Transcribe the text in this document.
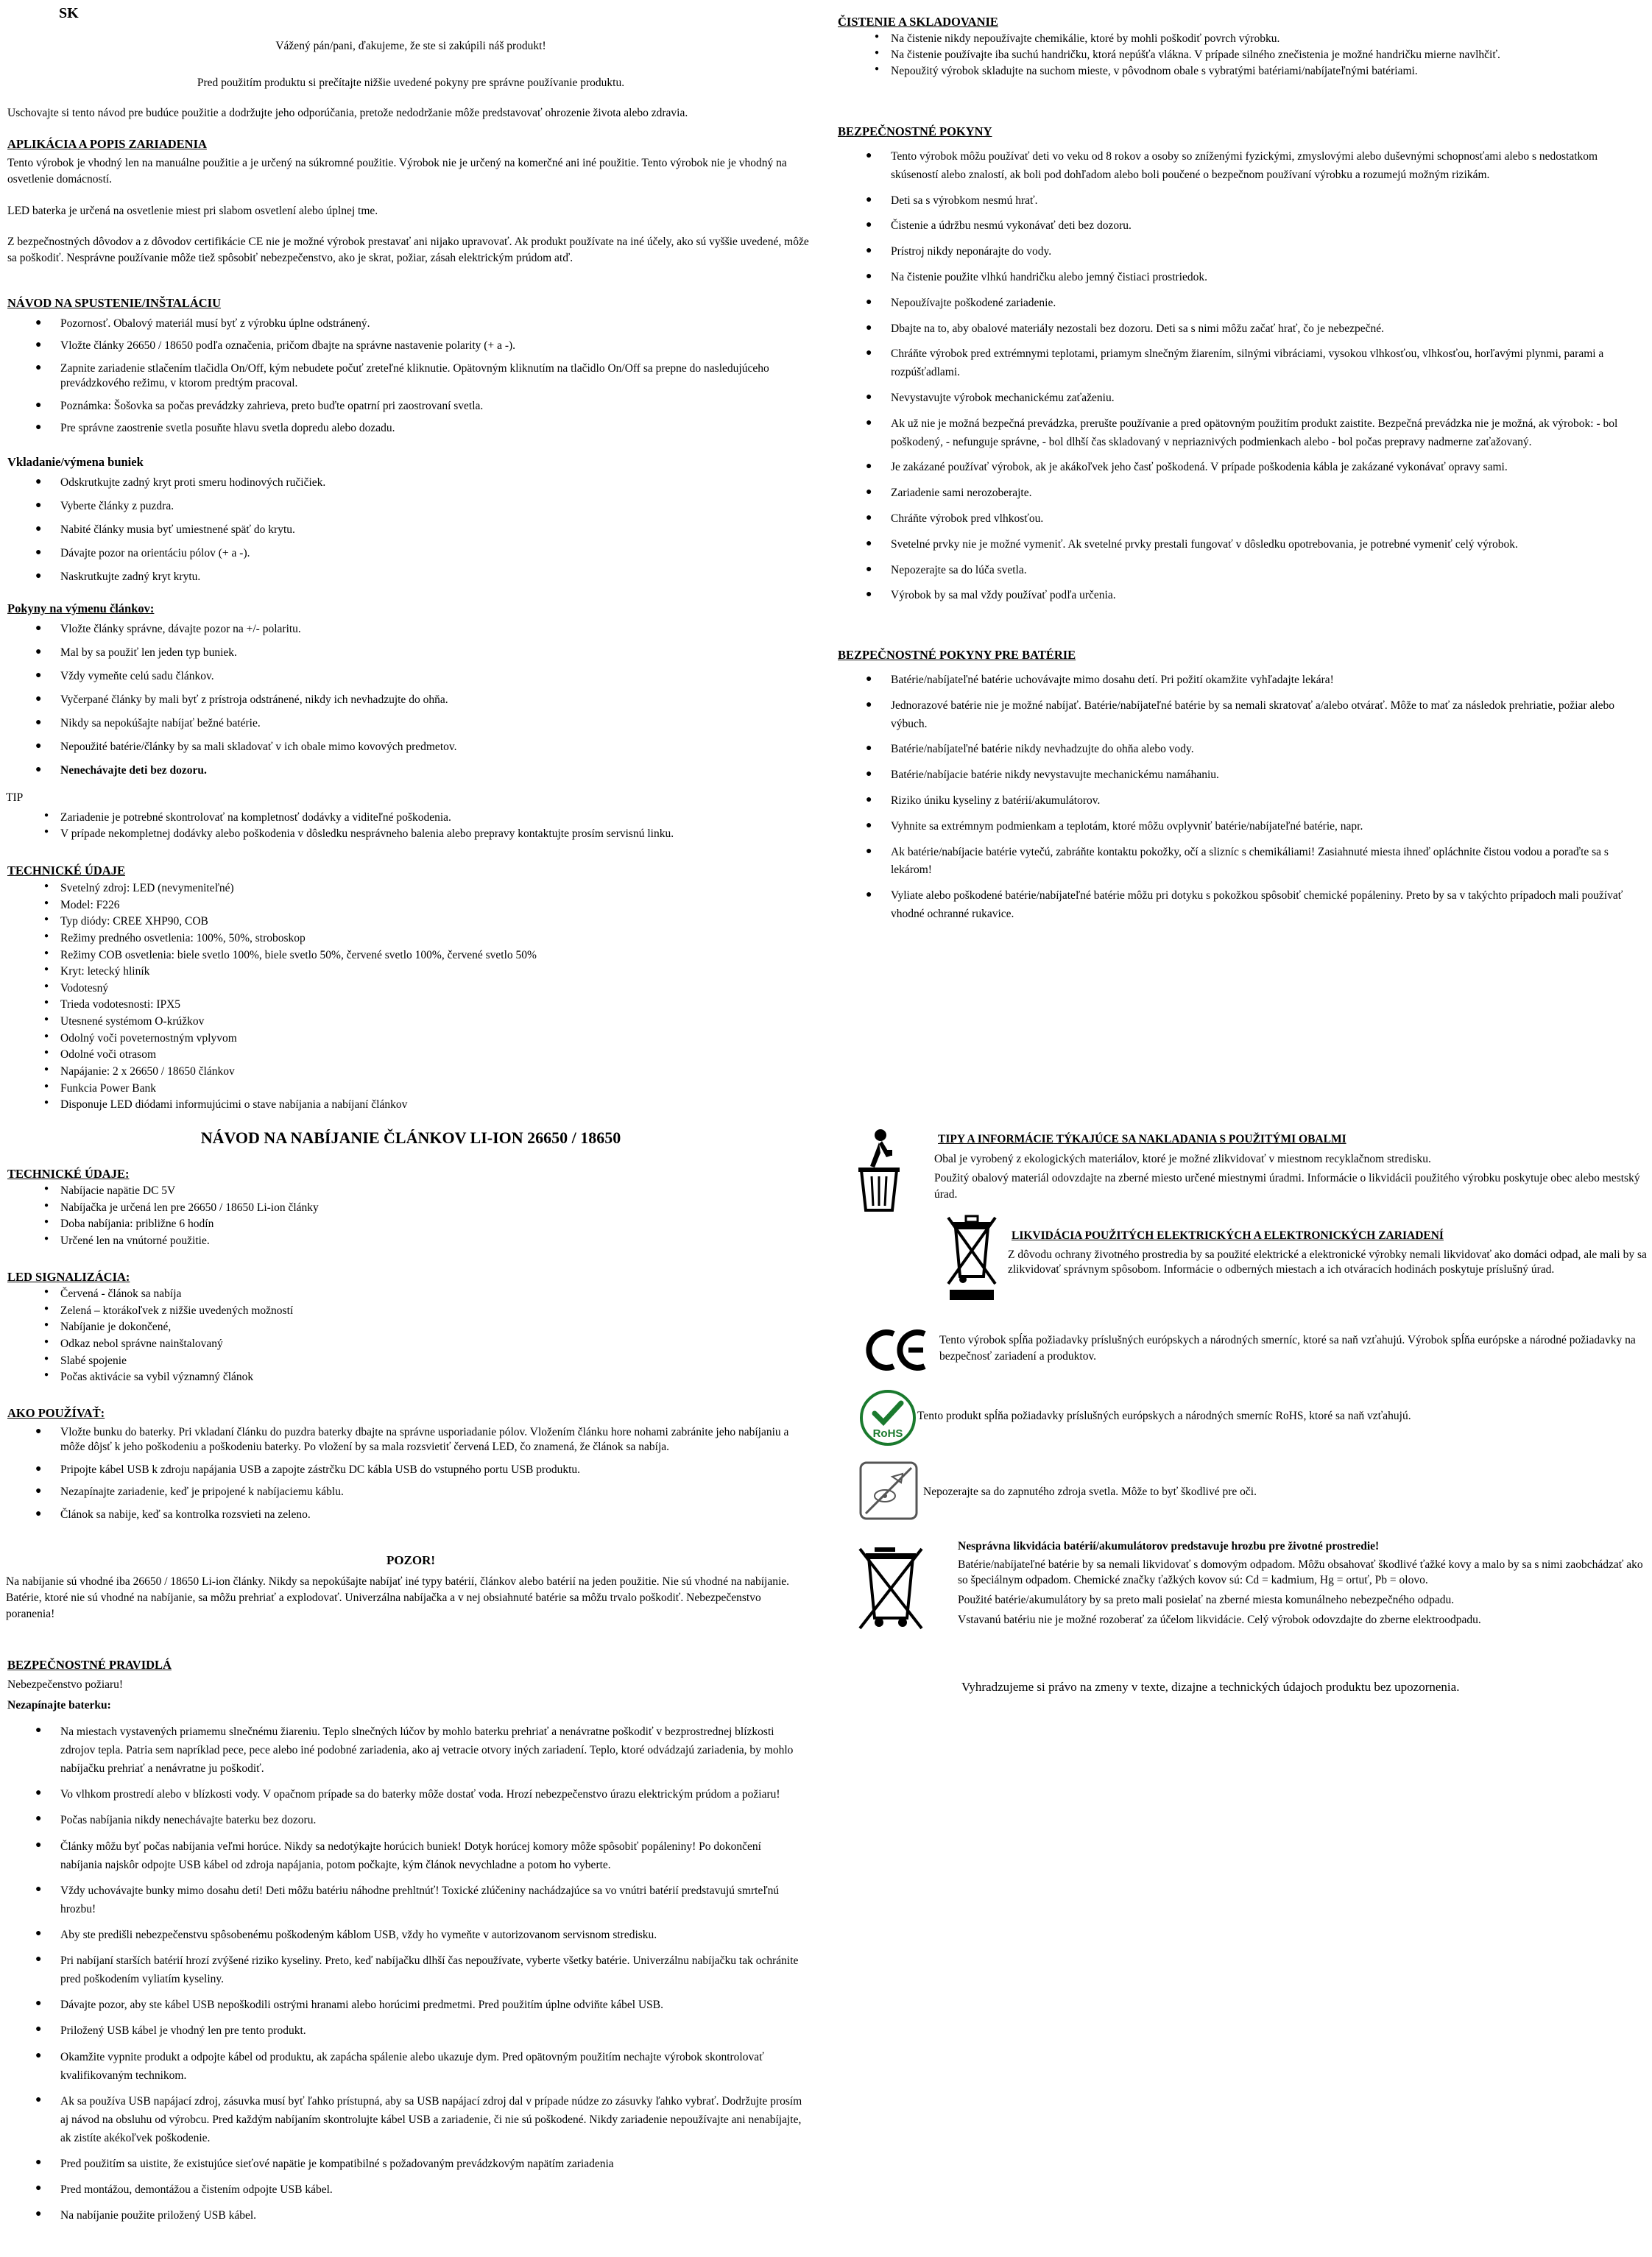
SK

Vážený pán/pani, ďakujeme, že ste si zakúpili náš produkt!

Pred použitím produktu si prečítajte nižšie uvedené pokyny pre správne používanie produktu.

Uschovajte si tento návod pre budúce použitie a dodržujte jeho odporúčania, pretože nedodržanie môže predstavovať ohrozenie života alebo zdravia.

APLIKÁCIA A POPIS ZARIADENIA

Tento výrobok je vhodný len na manuálne použitie a je určený na súkromné použitie. Výrobok nie je určený na komerčné ani iné použitie. Tento výrobok nie je vhodný na osvetlenie domácností.

LED baterka je určená na osvetlenie miest pri slabom osvetlení alebo úplnej tme.

Z bezpečnostných dôvodov a z dôvodov certifikácie CE nie je možné výrobok prestavať ani nijako upravovať. Ak produkt používate na iné účely, ako sú vyššie uvedené, môže sa poškodiť. Nesprávne používanie môže tiež spôsobiť nebezpečenstvo, ako je skrat, požiar, zásah elektrickým prúdom atď.

NÁVOD NA SPUSTENIE/INŠTALÁCIU
● Pozornosť. Obalový materiál musí byť z výrobku úplne odstránený.
● Vložte články 26650 / 18650 podľa označenia, pričom dbajte na správne nastavenie polarity (+ a -).
● Zapnite zariadenie stlačením tlačidla On/Off, kým nebudete počuť zreteľné kliknutie. Opätovným kliknutím na tlačidlo On/Off sa prepne do nasledujúceho prevádzkového režimu, v ktorom predtým pracoval.
● Poznámka: Šošovka sa počas prevádzky zahrieva, preto buďte opatrní pri zaostrovaní svetla.
● Pre správne zaostrenie svetla posuňte hlavu svetla dopredu alebo dozadu.
Vkladanie/výmena buniek
● Odskrutkujte zadný kryt proti smeru hodinových ručičiek.
● Vyberte články z puzdra.
● Nabité články musia byť umiestnené späť do krytu.
● Dávajte pozor na orientáciu pólov (+ a -).
● Naskrutkujte zadný kryt krytu.
Pokyny na výmenu článkov:
● Vložte články správne, dávajte pozor na +/- polaritu.
● Mal by sa použiť len jeden typ buniek.
● Vždy vymeňte celú sadu článkov.
● Vyčerpané články by mali byť z prístroja odstránené, nikdy ich nevhadzujte do ohňa.
● Nikdy sa nepokúšajte nabíjať bežné batérie.
● Nepoužité batérie/články by sa mali skladovať v ich obale mimo kovových predmetov.
● Nenechávajte deti bez dozoru.

TIP

● Zariadenie je potrebné skontrolovať na kompletnosť dodávky a viditeľné poškodenia.
● V prípade nekompletnej dodávky alebo poškodenia v dôsledku nesprávneho balenia alebo prepravy kontaktujte prosím servisnú linku.
TECHNICKÉ ÚDAJE
● Svetelný zdroj: LED (nevymeniteľné)
● Model: F226
● Typ diódy: CREE XHP90, COB
● Režimy predného osvetlenia: 100%, 50%, stroboskop
● Režimy COB osvetlenia: biele svetlo 100%, biele svetlo 50%, červené svetlo 100%, červené svetlo 50%
● Kryt: letecký hliník
● Vodotesný
● Trieda vodotesnosti: IPX5
● Utesnené systémom O-krúžkov
● Odolný voči poveternostným vplyvom
● Odolné voči otrasom
● Napájanie: 2 x 26650 / 18650 článkov
● Funkcia Power Bank
● Disponuje LED diódami informujúcimi o stave nabíjania a nabíjaní článkov

NÁVOD NA NABÍJANIE ČLÁNKOV LI-ION 26650 / 18650

TECHNICKÉ ÚDAJE:
● Nabíjacie napätie DC 5V
● Nabíjačka je určená len pre 26650 / 18650 Li-ion články
● Doba nabíjania: približne 6 hodín
● Určené len na vnútorné použitie.
LED SIGNALIZÁCIA:
● Červená - článok sa nabíja
● Zelená – ktorákoľvek z nižšie uvedených možností
● Nabíjanie je dokončené,
● Odkaz nebol správne nainštalovaný
● Slabé spojenie
● Počas aktivácie sa vybil významný článok
AKO POUŽÍVAŤ:
● Vložte bunku do baterky. Pri vkladaní článku do puzdra baterky dbajte na správne usporiadanie pólov. Vložením článku hore nohami zabránite jeho nabíjaniu a môže dôjsť k jeho poškodeniu a poškodeniu baterky. Po vložení by sa mala rozsvietiť červená LED, čo znamená, že článok sa nabíja.
● Pripojte kábel USB k zdroju napájania USB a zapojte zástrčku DC kábla USB do vstupného portu USB produktu.
● Nezapínajte zariadenie, keď je pripojené k nabíjaciemu káblu.
● Článok sa nabije, keď sa kontrolka rozsvieti na zeleno.

POZOR!

Na nabíjanie sú vhodné iba 26650 / 18650 Li-ion články. Nikdy sa nepokúšajte nabíjať iné typy batérií, článkov alebo batérií na jeden použitie. Nie sú vhodné na nabíjanie. Batérie, ktoré nie sú vhodné na nabíjanie, sa môžu prehriať a explodovať. Univerzálna nabíjačka a v nej obsiahnuté batérie sa môžu trvalo poškodiť. Nebezpečenstvo poranenia!

BEZPEČNOSTNÉ PRAVIDLÁ

Nebezpečenstvo požiaru!

Nezapínajte baterku:

● Na miestach vystavených priamemu slnečnému žiareniu. Teplo slnečných lúčov by mohlo baterku prehriať a nenávratne poškodiť v bezprostrednej blízkosti zdrojov tepla. Patria sem napríklad pece, pece alebo iné podobné zariadenia, ako aj vetracie otvory iných zariadení. Teplo, ktoré odvádzajú zariadenia, by mohlo nabíjačku prehriať a nenávratne ju poškodiť.
● Vo vlhkom prostredí alebo v blízkosti vody. V opačnom prípade sa do baterky môže dostať voda. Hrozí nebezpečenstvo úrazu elektrickým prúdom a požiaru!
● Počas nabíjania nikdy nenechávajte baterku bez dozoru.
● Články môžu byť počas nabíjania veľmi horúce. Nikdy sa nedotýkajte horúcich buniek! Dotyk horúcej komory môže spôsobiť popáleniny! Po dokončení nabíjania najskôr odpojte USB kábel od zdroja napájania, potom počkajte, kým článok nevychladne a potom ho vyberte.
● Vždy uchovávajte bunky mimo dosahu detí! Deti môžu batériu náhodne prehltnúť! Toxické zlúčeniny nachádzajúce sa vo vnútri batérií predstavujú smrteľnú hrozbu!
● Aby ste predišli nebezpečenstvu spôsobenému poškodeným káblom USB, vždy ho vymeňte v autorizovanom servisnom stredisku.
● Pri nabíjaní starších batérií hrozí zvýšené riziko kyseliny. Preto, keď nabíjačku dlhší čas nepoužívate, vyberte všetky batérie. Univerzálnu nabíjačku tak ochránite pred poškodením vyliatím kyseliny.
● Dávajte pozor, aby ste kábel USB nepoškodili ostrými hranami alebo horúcimi predmetmi. Pred použitím úplne odviňte kábel USB.
● Priložený USB kábel je vhodný len pre tento produkt.
● Okamžite vypnite produkt a odpojte kábel od produktu, ak zapácha spálenie alebo ukazuje dym. Pred opätovným použitím nechajte výrobok skontrolovať kvalifikovaným technikom.
● Ak sa používa USB napájací zdroj, zásuvka musí byť ľahko prístupná, aby sa USB napájací zdroj dal v prípade núdze zo zásuvky ľahko vybrať. Dodržujte prosím aj návod na obsluhu od výrobcu. Pred každým nabíjaním skontrolujte kábel USB a zariadenie, či nie sú poškodené. Nikdy zariadenie nepoužívajte ani nenabíjajte, ak zistíte akékoľvek poškodenie.
● Pred použitím sa uistite, že existujúce sieťové napätie je kompatibilné s požadovaným prevádzkovým napätím zariadenia
● Pred montážou, demontážou a čistením odpojte USB kábel.
● Na nabíjanie použite priložený USB kábel.
ČISTENIE A SKLADOVANIE
● Na čistenie nikdy nepoužívajte chemikálie, ktoré by mohli poškodiť povrch výrobku.
● Na čistenie používajte iba suchú handričku, ktorá nepúšťa vlákna. V prípade silného znečistenia je možné handričku mierne navlhčiť.
● Nepoužitý výrobok skladujte na suchom mieste, v pôvodnom obale s vybratými batériami/nabíjateľnými batériami.
BEZPEČNOSTNÉ POKYNY
● Tento výrobok môžu používať deti vo veku od 8 rokov a osoby so zníženými fyzickými, zmyslovými alebo duševnými schopnosťami alebo s nedostatkom skúseností alebo znalostí, ak boli pod dohľadom alebo boli poučené o bezpečnom používaní výrobku a rozumejú možným rizikám.
● Deti sa s výrobkom nesmú hrať.
● Čistenie a údržbu nesmú vykonávať deti bez dozoru.
● Prístroj nikdy neponárajte do vody.
● Na čistenie použite vlhkú handričku alebo jemný čistiaci prostriedok.
● Nepoužívajte poškodené zariadenie.
● Dbajte na to, aby obalové materiály nezostali bez dozoru. Deti sa s nimi môžu začať hrať, čo je nebezpečné.
● Chráňte výrobok pred extrémnymi teplotami, priamym slnečným žiarením, silnými vibráciami, vysokou vlhkosťou, vlhkosťou, horľavými plynmi, parami a rozpúšťadlami.
● Nevystavujte výrobok mechanickému zaťaženiu.
● Ak už nie je možná bezpečná prevádzka, prerušte používanie a pred opätovným použitím produkt zaistite. Bezpečná prevádzka nie je možná, ak výrobok: - bol poškodený, - nefunguje správne, - bol dlhší čas skladovaný v nepriaznivých podmienkach alebo - bol počas prepravy nadmerne zaťažovaný.
● Je zakázané používať výrobok, ak je akákoľvek jeho časť poškodená. V prípade poškodenia kábla je zakázané vykonávať opravy sami.
● Zariadenie sami nerozoberajte.
● Chráňte výrobok pred vlhkosťou.
● Svetelné prvky nie je možné vymeniť. Ak svetelné prvky prestali fungovať v dôsledku opotrebovania, je potrebné vymeniť celý výrobok.
● Nepozerajte sa do lúča svetla.
● Výrobok by sa mal vždy používať podľa určenia.
BEZPEČNOSTNÉ POKYNY PRE BATÉRIE
● Batérie/nabíjateľné batérie uchovávajte mimo dosahu detí. Pri požití okamžite vyhľadajte lekára!
● Jednorazové batérie nie je možné nabíjať. Batérie/nabíjateľné batérie by sa nemali skratovať a/alebo otvárať. Môže to mať za následok prehriatie, požiar alebo výbuch.
● Batérie/nabíjateľné batérie nikdy nevhadzujte do ohňa alebo vody.
● Batérie/nabíjacie batérie nikdy nevystavujte mechanickému namáhaniu.
● Riziko úniku kyseliny z batérií/akumulátorov.
● Vyhnite sa extrémnym podmienkam a teplotám, ktoré môžu ovplyvniť batérie/nabíjateľné batérie, napr.
● Ak batérie/nabíjacie batérie vytečú, zabráňte kontaktu pokožky, očí a slizníc s chemikáliami! Zasiahnuté miesta ihneď opláchnite čistou vodou a poraďte sa s lekárom!
● Vyliate alebo poškodené batérie/nabíjateľné batérie môžu pri dotyku s pokožkou spôsobiť chemické popáleniny. Preto by sa v takýchto prípadoch mali používať vhodné ochranné rukavice.
TIPY A INFORMÁCIE TÝKAJÚCE SA NAKLADANIA S POUŽITÝMI OBALMI

Obal je vyrobený z ekologických materiálov, ktoré je možné zlikvidovať v miestnom recyklačnom stredisku.

Použitý obalový materiál odovzdajte na zberné miesto určené miestnymi úradmi. Informácie o likvidácii použitého výrobku poskytuje obec alebo mestský úrad.

LIKVIDÁCIA POUŽITÝCH ELEKTRICKÝCH A ELEKTRONICKÝCH ZARIADENÍ

Z dôvodu ochrany životného prostredia by sa použité elektrické a elektronické výrobky nemali likvidovať ako domáci odpad, ale mali by sa zlikvidovať správnym spôsobom. Informácie o odberných miestach a ich otváracích hodinách poskytuje príslušný úrad.

CE

Tento výrobok spĺňa požiadavky príslušných európskych a národných smerníc, ktoré sa naň vzťahujú. Výrobok spĺňa európske a národné požiadavky na bezpečnosť zariadení a produktov.

RoHS

Tento produkt spĺňa požiadavky príslušných európskych a národných smerníc RoHS, ktoré sa naň vzťahujú.

Nepozerajte sa do zapnutého zdroja svetla. Môže to byť škodlivé pre oči.

Nesprávna likvidácia batérií/akumulátorov predstavuje hrozbu pre životné prostredie!

Batérie/nabíjateľné batérie by sa nemali likvidovať s domovým odpadom. Môžu obsahovať škodlivé ťažké kovy a malo by sa s nimi zaobchádzať ako so špeciálnym odpadom. Chemické značky ťažkých kovov sú: Cd = kadmium, Hg = ortuť, Pb = olovo.

Použité batérie/akumulátory by sa preto mali posielať na zberné miesta komunálneho nebezpečného odpadu.

Vstavanú batériu nie je možné rozoberať za účelom likvidácie. Celý výrobok odovzdajte do zberne elektroodpadu.

Vyhradzujeme si právo na zmeny v texte, dizajne a technických údajoch produktu bez upozornenia.
